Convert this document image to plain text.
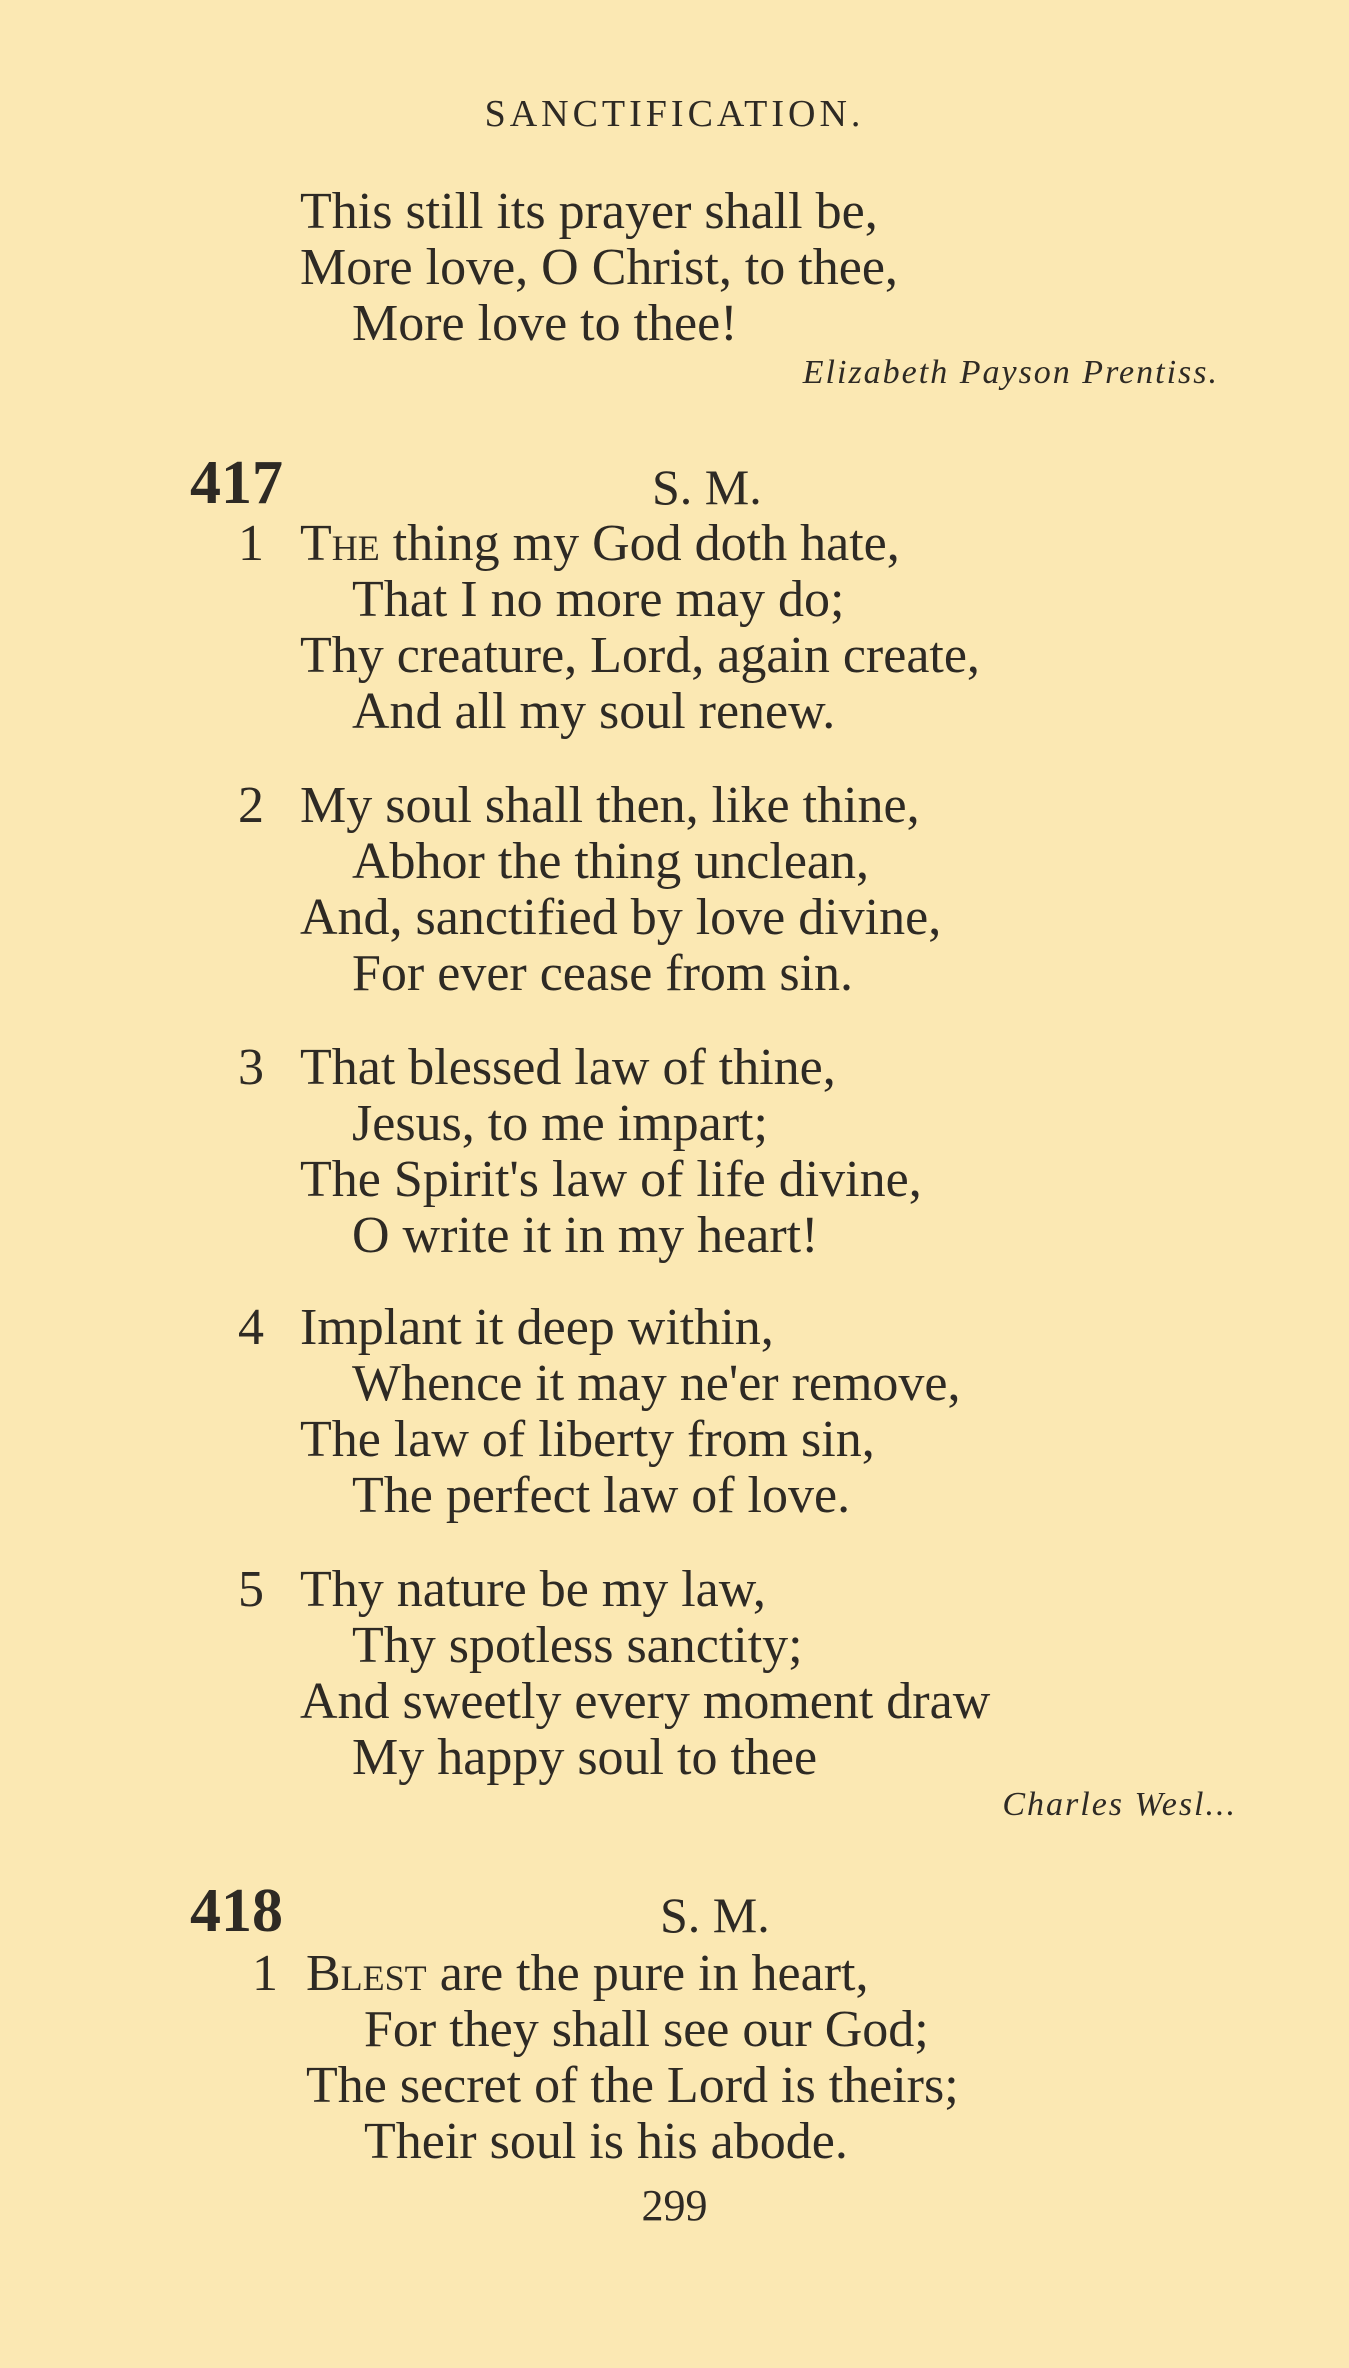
SANCTIFICATION.
This still its prayer shall be,
More love, O Christ, to thee,
More love to thee!
Elizabeth Payson Prentiss.
417	S. M.
1 The thing my God doth hate,
That I no more may do;
Thy creature, Lord, again create,
And all my soul renew.
2 My soul shall then, like thine,
Abhor the thing unclean,
And, sanctified by love divine,
For ever cease from sin.
3 That blessed law of thine,
Jesus, to me impart;
The Spirit's law of life divine,
O write it in my heart!
4 Implant it deep within,
Whence it may ne'er remove,
The law of liberty from sin,
The perfect law of love.
5 Thy nature be my law,
Thy spotless sanctity;
And sweetly every moment draw
My happy soul to thee
Charles Wesl...
418	S. M.
1 Blest are the pure in heart,
For they shall see our God;
The secret of the Lord is theirs;
Their soul is his abode.
299
